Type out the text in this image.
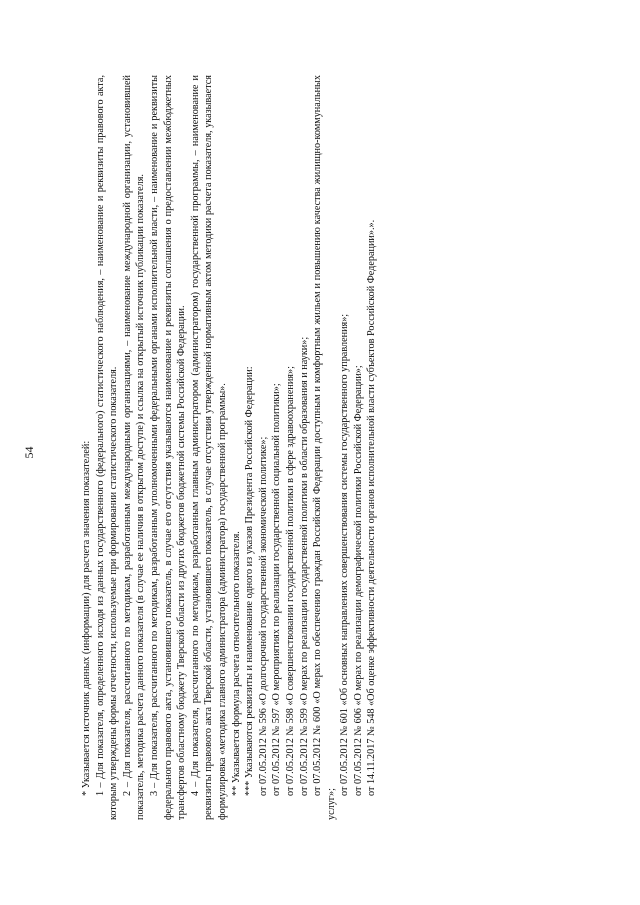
54	* Указывается источник данных (информации) для расчета значения показателей: 1 – Для показателя, определенного исходя из данных государственного (федерального) статистического наблюдения, – наименование и реквизиты правового акта, которым утверждены формы отчетности, используемые при формировании статистического показателя. 2 – Для показателя, рассчитанного по методикам, разработанным международными организациями, – наименование международной организации, установившей показатель, методика расчета данного показателя (в случае ее наличия в открытом доступе) и ссылка на открытый источник публикации показателя. 3 – Для показателя, рассчитанного по методикам, разработанным уполномоченными федеральными органами исполнительной власти, – наименование и реквизиты федерального правового акта, установившего показатель, в случае его отсутствия указываются наименование и реквизиты соглашения о предоставлении межбюджетных трансфертов областному бюджету Тверской области из других бюджетов бюджетной системы Российской Федерации. 4 – Для показателя, рассчитанного по методикам, разработанным главным администратором (администратором) государственной программы, – наименование и реквизиты правового акта Тверской области, установившего показатель, в случае отсутствия утвержденной нормативным актом методики расчета показателя, указывается формулировка «методика главного администратора (администратора) государственной программы». ** Указывается формула расчета относительного показателя. *** Указываются реквизиты и наименование одного из указов Президента Российской Федерации: от 07.05.2012 № 596 «О долгосрочной государственной экономической политике»; от 07.05.2012 № 597 «О мероприятиях по реализации государственной социальной политики»; от 07.05.2012 № 598 «О совершенствовании государственной политики в сфере здравоохранения»; от 07.05.2012 № 599 «О мерах по реализации государственной политики в области образования и науки»; от 07.05.2012 № 600 «О мерах по обеспечению граждан Российской Федерации доступным и комфортным жильем и повышению качества жилищно-коммунальных услуг»;

от 07.05.2012 № 601 «Об основных направлениях совершенствования системы государственного управления»; от 07.05.2012 № 606 «О мерах по реализации демографической политики Российской Федерации»; от 14.11.2017 № 548 «Об оценке эффективности деятельности органов исполнительной власти субъектов Российской Федерации».».
